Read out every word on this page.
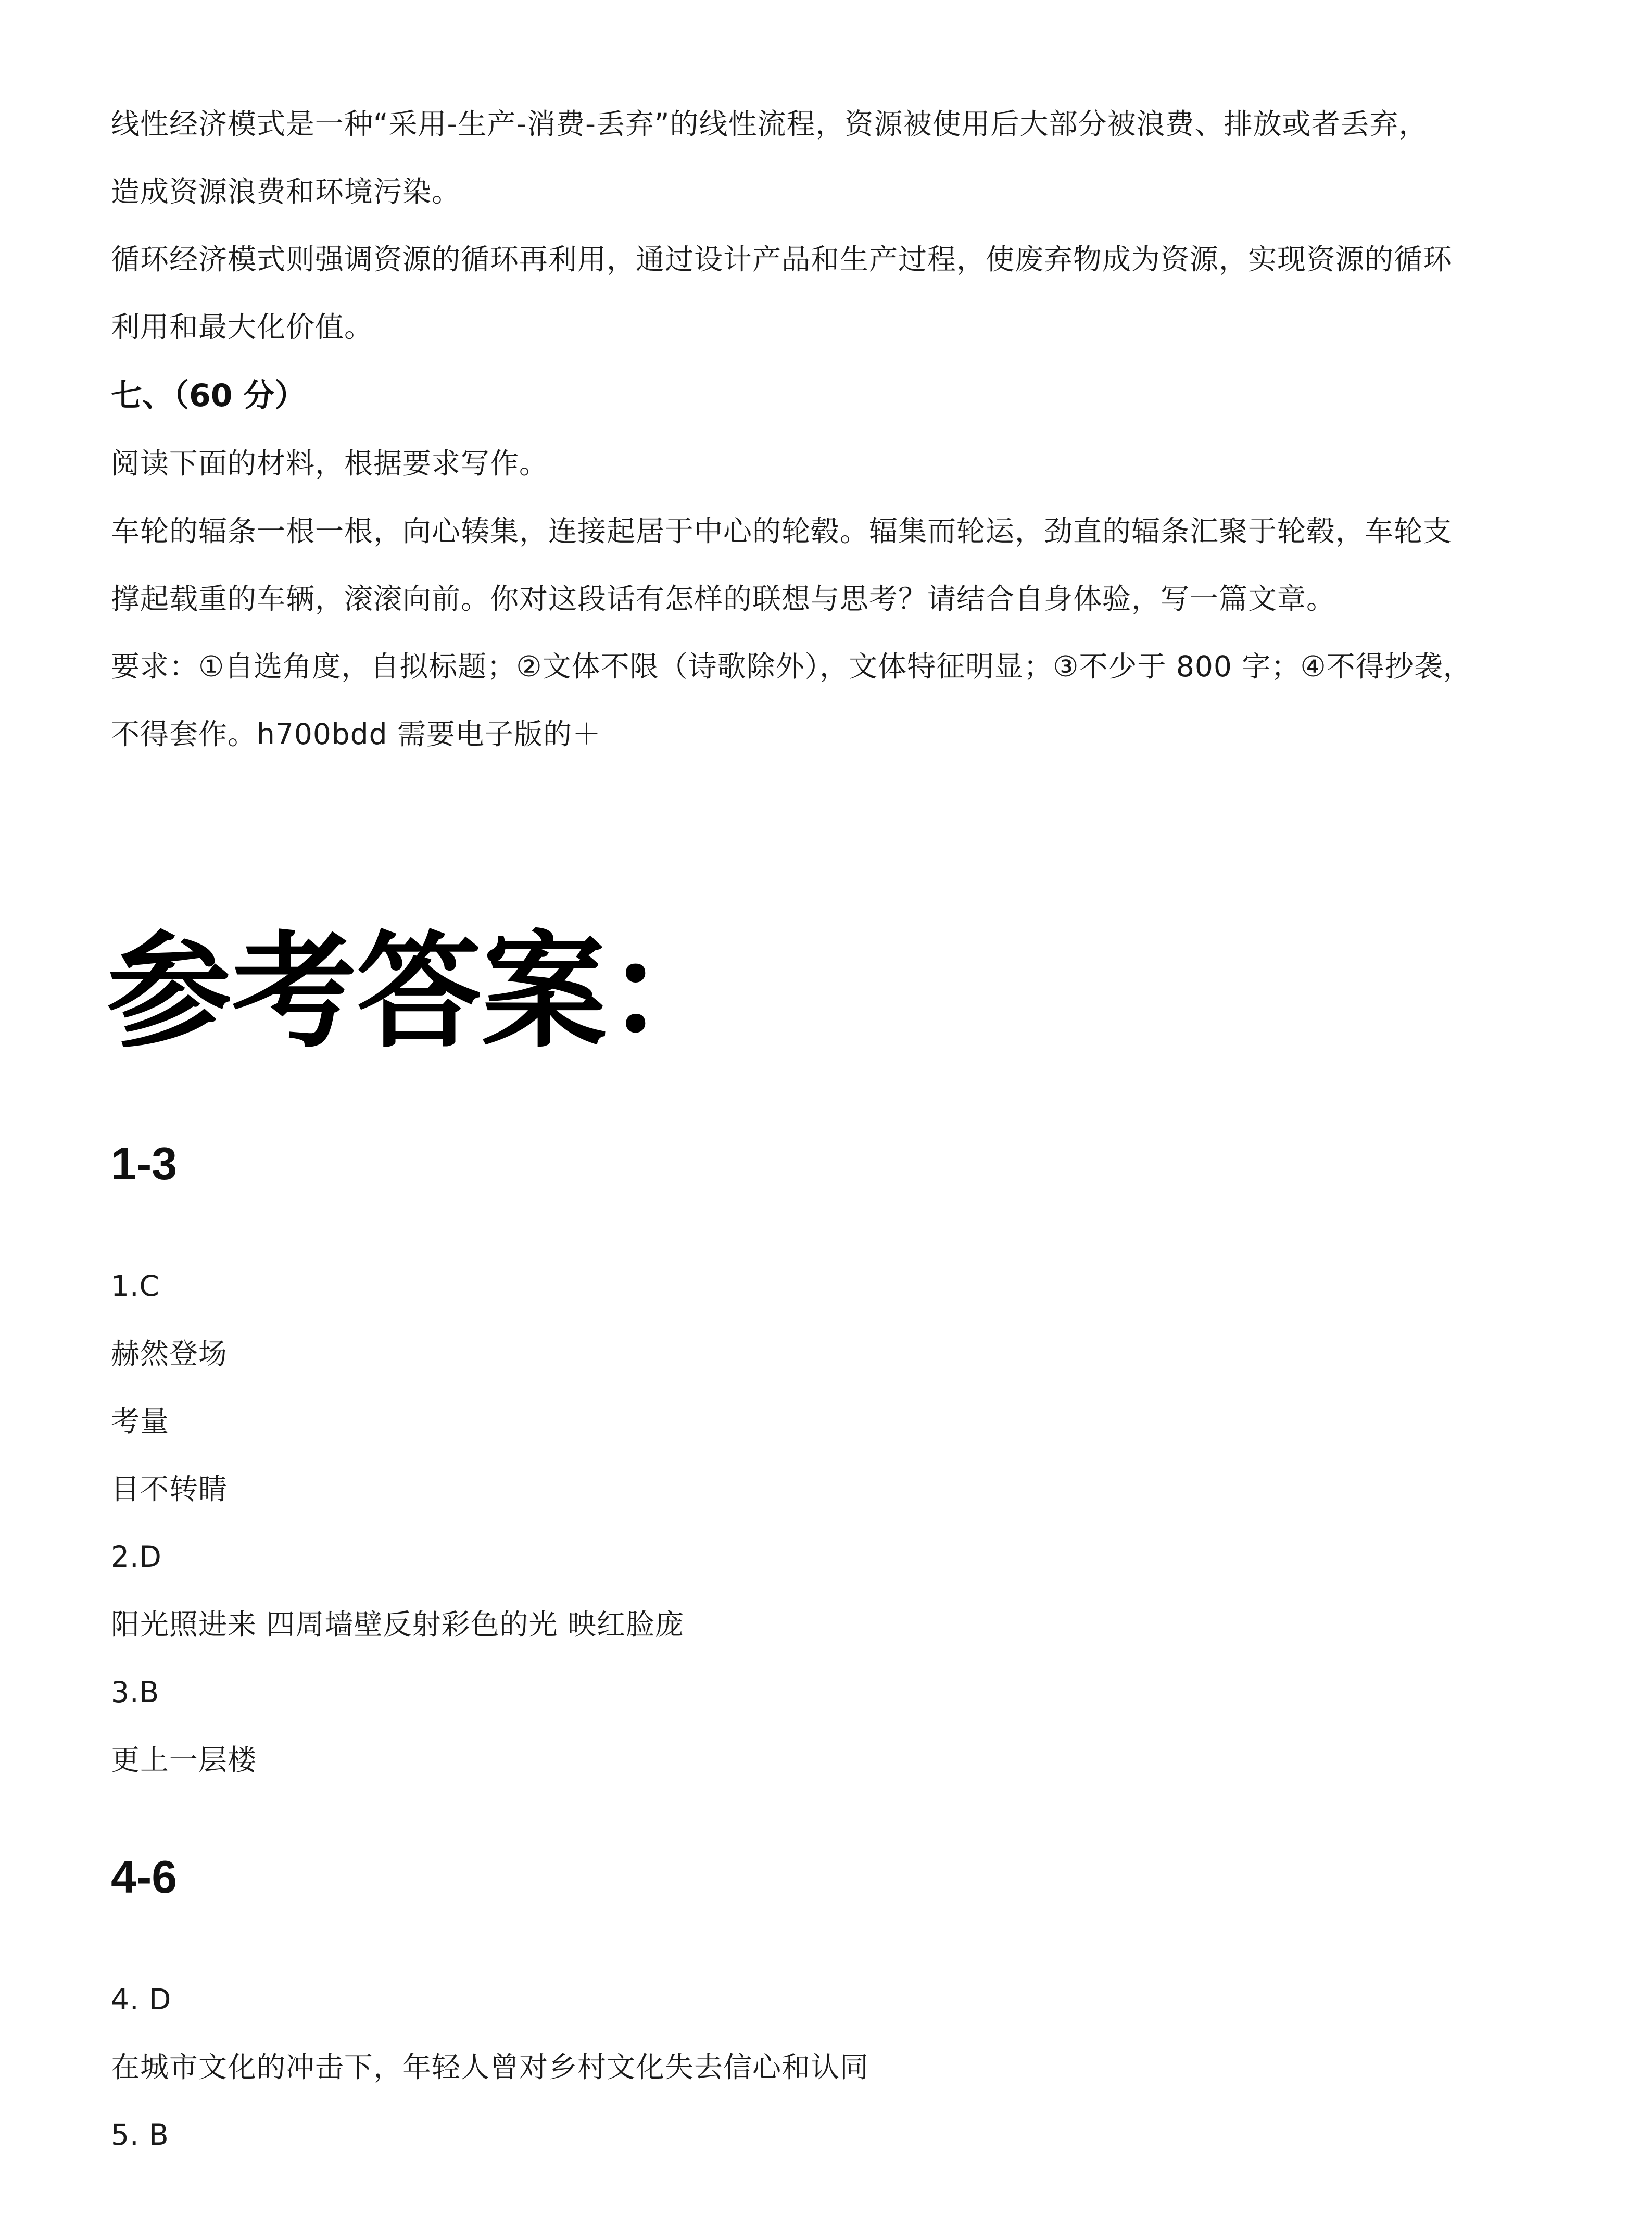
线性经济模式是一种“采用-生产-消费-丢弃”的线性流程，资源被使用后大部分被浪费、排放或者丢弃，
造成资源浪费和环境污染。
循环经济模式则强调资源的循环再利用，通过设计产品和生产过程，使废弃物成为资源，实现资源的循环
利用和最大化价值。
七、（60 分）
阅读下面的材料，根据要求写作。
车轮的辐条一根一根，向心辏集，连接起居于中心的轮毂。辐集而轮运，劲直的辐条汇聚于轮毂，车轮支
撑起载重的车辆，滚滚向前。你对这段话有怎样的联想与思考？请结合自身体验，写一篇文章。
要求：①自选角度，自拟标题；②文体不限（诗歌除外），文体特征明显；③不少于 800 字；④不得抄袭，
不得套作。h700bdd 需要电子版的＋
参考答案：
1-3
1.C
赫然登场
考量
目不转睛
2.D
阳光照进来 四周墙壁反射彩色的光 映红脸庞
3.B
更上一层楼
4-6
4. D
在城市文化的冲击下，年轻人曾对乡村文化失去信心和认同
5. B
